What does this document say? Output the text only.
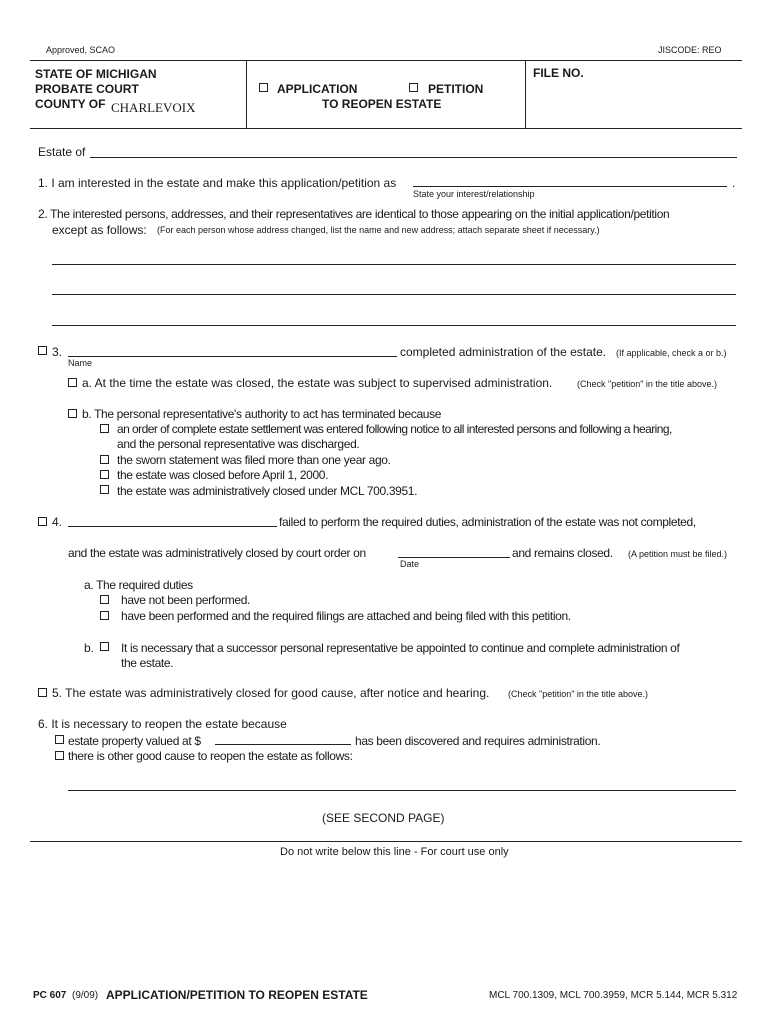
Approved, SCAO	JISCODE: REO
STATE OF MICHIGAN
PROBATE COURT
COUNTY OF CHARLEVOIX
APPLICATION	PETITION
TO REOPEN ESTATE
FILE NO.
Estate of
1. I am interested in the estate and make this application/petition as	.
State your interest/relationship
2. The interested persons, addresses, and their representatives are identical to those appearing on the initial application/petition
except as follows: (For each person whose address changed, list the name and new address; attach separate sheet if necessary.)
3.	completed administration of the estate. (If applicable, check a or b.)
Name
a. At the time the estate was closed, the estate was subject to supervised administration.	(Check "petition" in the title above.)
b. The personal representative's authority to act has terminated because
an order of complete estate settlement was entered following notice to all interested persons and following a hearing,
and the personal representative was discharged.
the sworn statement was filed more than one year ago.
the estate was closed before April 1, 2000.
the estate was administratively closed under MCL 700.3951.
4.	failed to perform the required duties, administration of the estate was not completed,
and the estate was administratively closed by court order on	and remains closed. (A petition must be filed.)
Date
a. The required duties
have not been performed.
have been performed and the required filings are attached and being filed with this petition.
b. It is necessary that a successor personal representative be appointed to continue and complete administration of
the estate.
5. The estate was administratively closed for good cause, after notice and hearing. (Check "petition" in the title above.)
6. It is necessary to reopen the estate because
estate property valued at $	has been discovered and requires administration.
there is other good cause to reopen the estate as follows:
(SEE SECOND PAGE)
Do not write below this line - For court use only
PC 607 (9/09) APPLICATION/PETITION TO REOPEN ESTATE	MCL 700.1309, MCL 700.3959, MCR 5.144, MCR 5.312
